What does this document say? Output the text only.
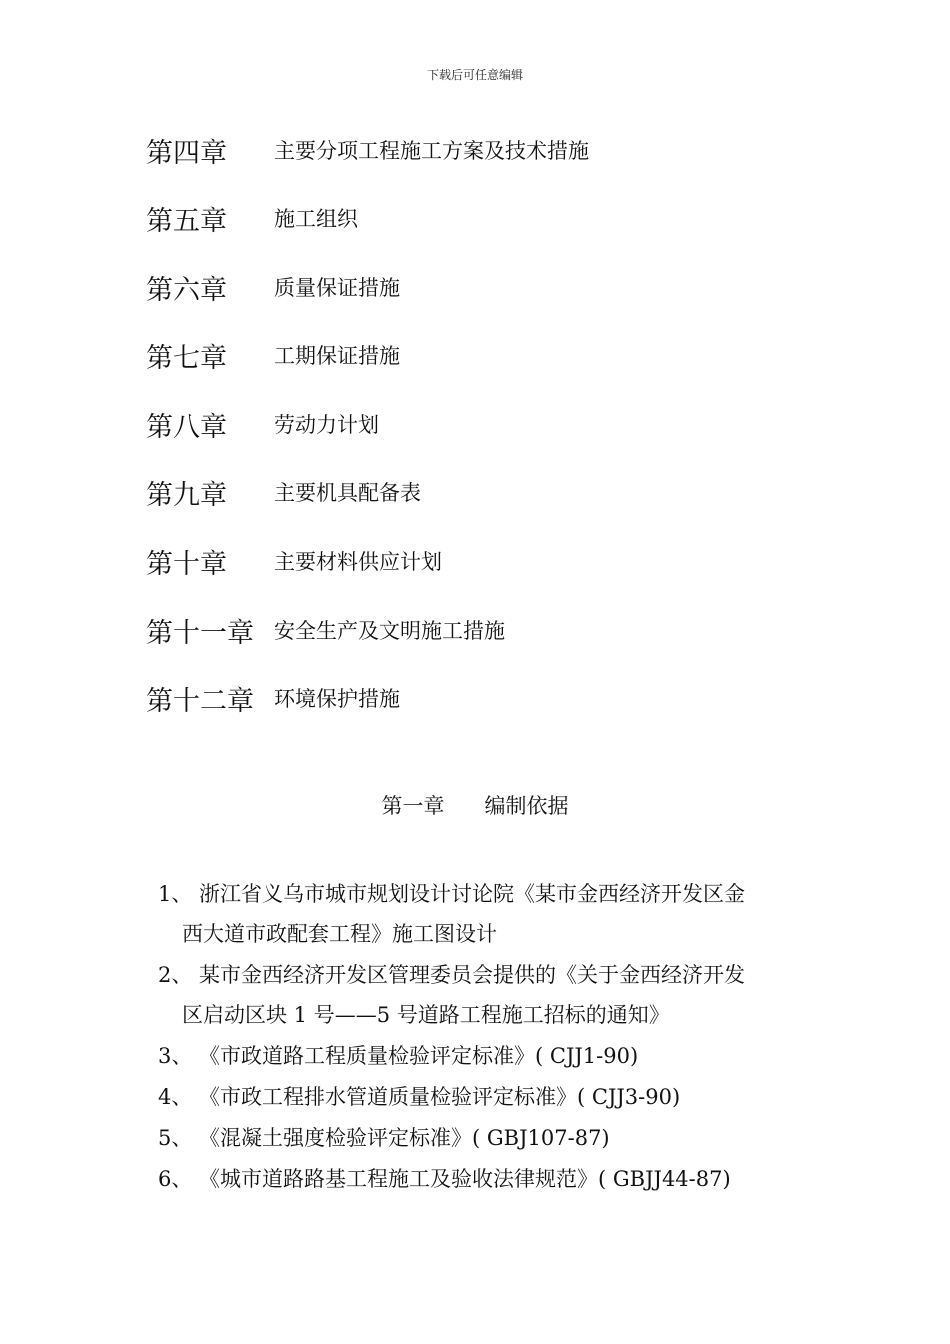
下载后可任意编辑
第四章	主要分项工程施工方案及技术措施
第五章	施工组织
第六章	质量保证措施
第七章	工期保证措施
第八章	劳动力计划
第九章	主要机具配备表
第十章	主要材料供应计划
第十一章 安全生产及文明施工措施
第十二章 环境保护措施
第一章      编制依据
1、 浙江省义乌市城市规划设计讨论院《某市金西经济开发区金
西大道市政配套工程》施工图设计
2、 某市金西经济开发区管理委员会提供的《关于金西经济开发
区启动区块 1 号——5 号道路工程施工招标的通知》
3、 《市政道路工程质量检验评定标准》( CJJ1-90)
4、 《市政工程排水管道质量检验评定标准》( CJJ3-90)
5、 《混凝土强度检验评定标准》( GBJ107-87)
6、 《城市道路路基工程施工及验收法律规范》( GBJJ44-87)
